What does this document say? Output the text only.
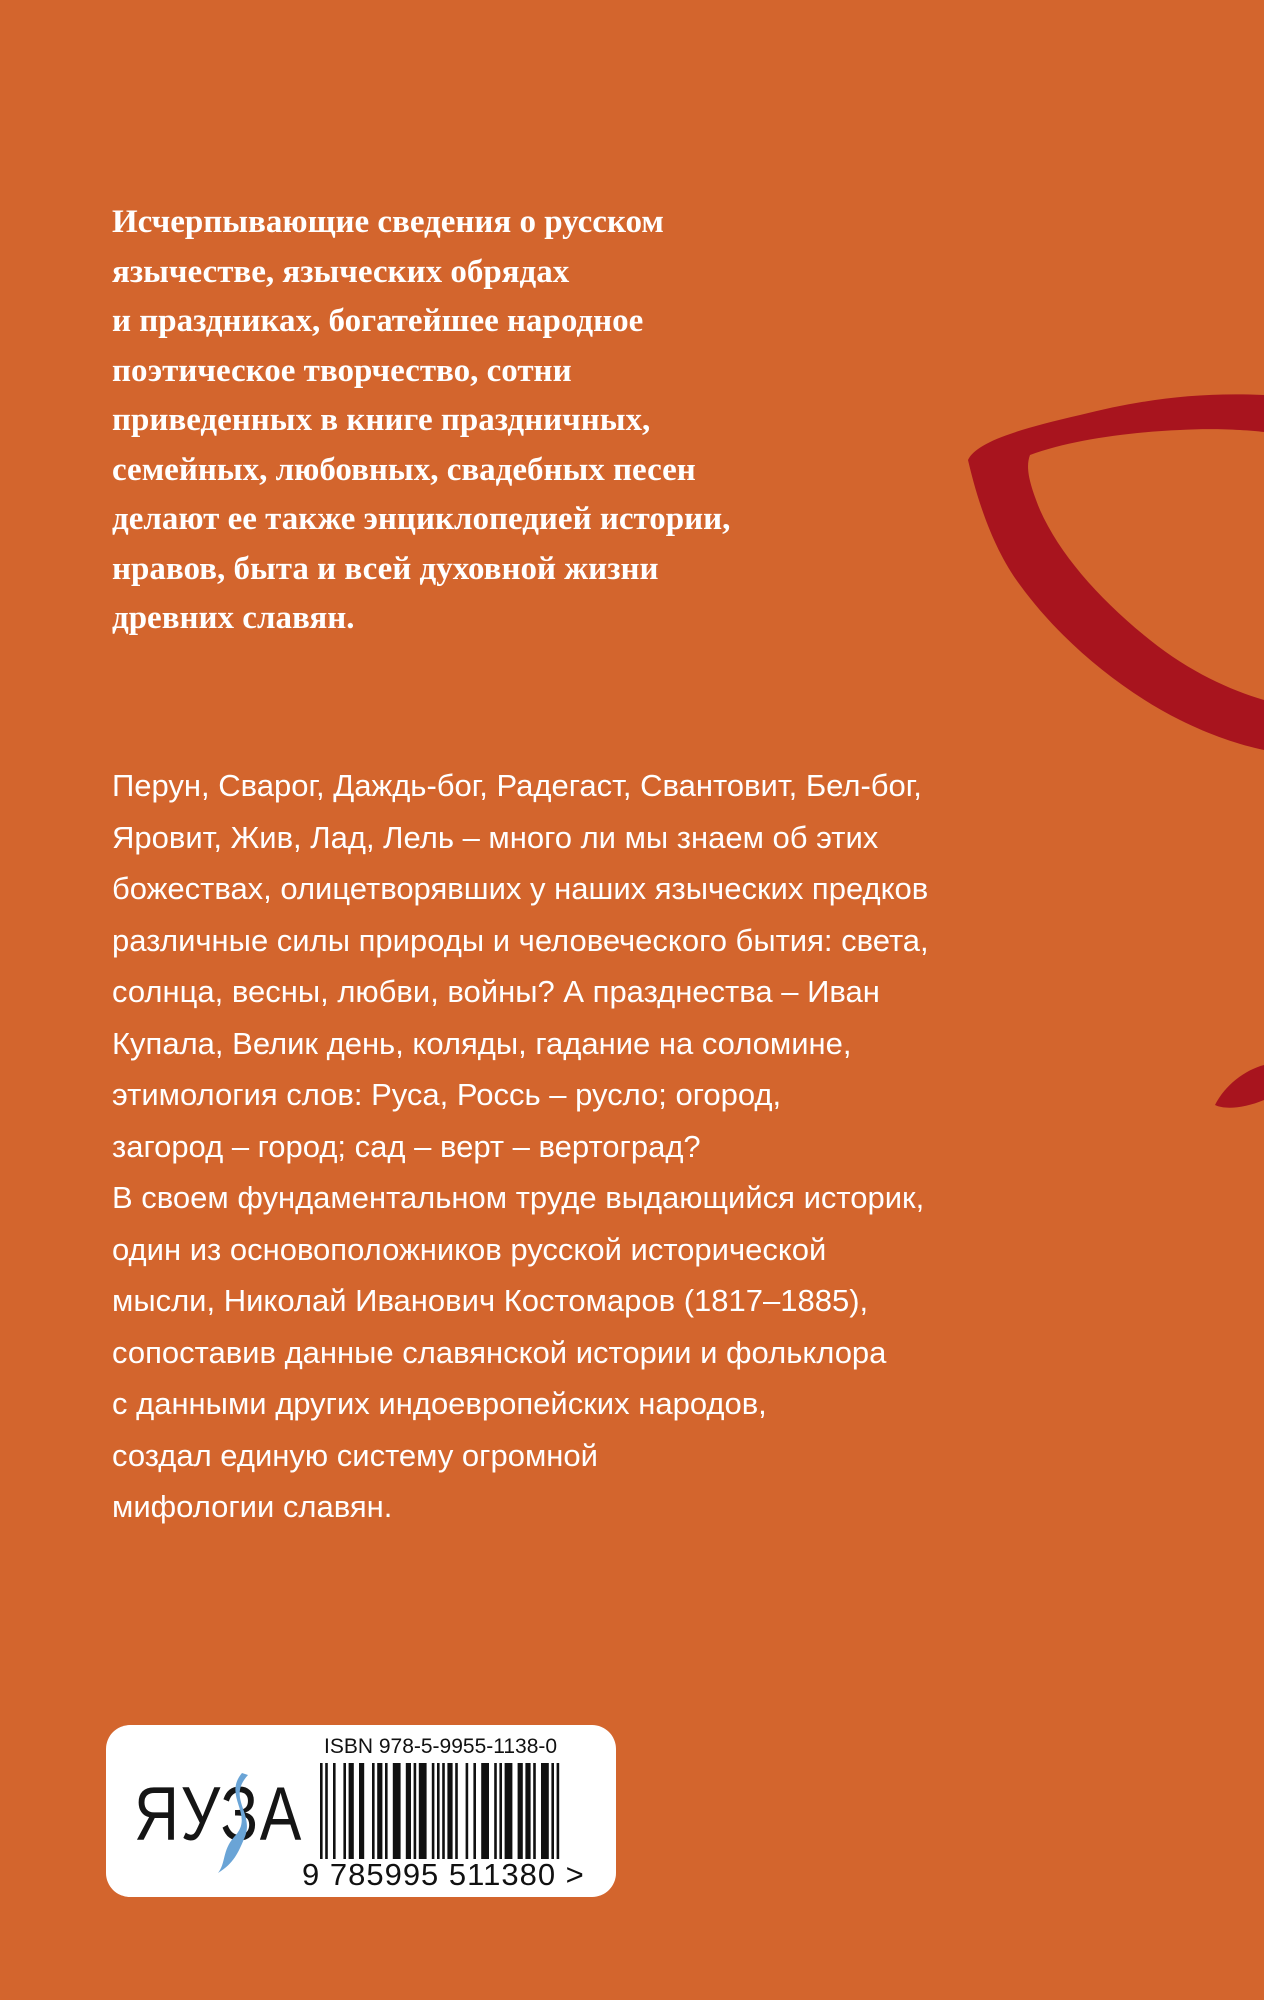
Исчерпывающие сведения о русском
язычестве, языческих обрядах
и праздниках, богатейшее народное
поэтическое творчество, сотни
приведенных в книге праздничных,
семейных, любовных, свадебных песен
делают ее также энциклопедией истории,
нравов, быта и всей духовной жизни
древних славян.

Перун, Сварог, Даждь-бог, Радегаст, Свантовит, Бел-бог,
Яровит, Жив, Лад, Лель – много ли мы знаем об этих
божествах, олицетворявших у наших языческих предков
различные силы природы и человеческого бытия: света,
солнца, весны, любви, войны? А празднества – Иван
Купала, Велик день, коляды, гадание на соломине,
этимология слов: Руса, Россь – русло; огород,
загород – город; сад – верт – вертоград?
В своем фундаментальном труде выдающийся историк,
один из основоположников русской исторической
мысли, Николай Иванович Костомаров (1817–1885),
сопоставив данные славянской истории и фольклора
с данными других индоевропейских народов,
создал единую систему огромной
мифологии славян.

ЯУЗА
ISBN 978-5-9955-1138-0
9 785995 511380 >
